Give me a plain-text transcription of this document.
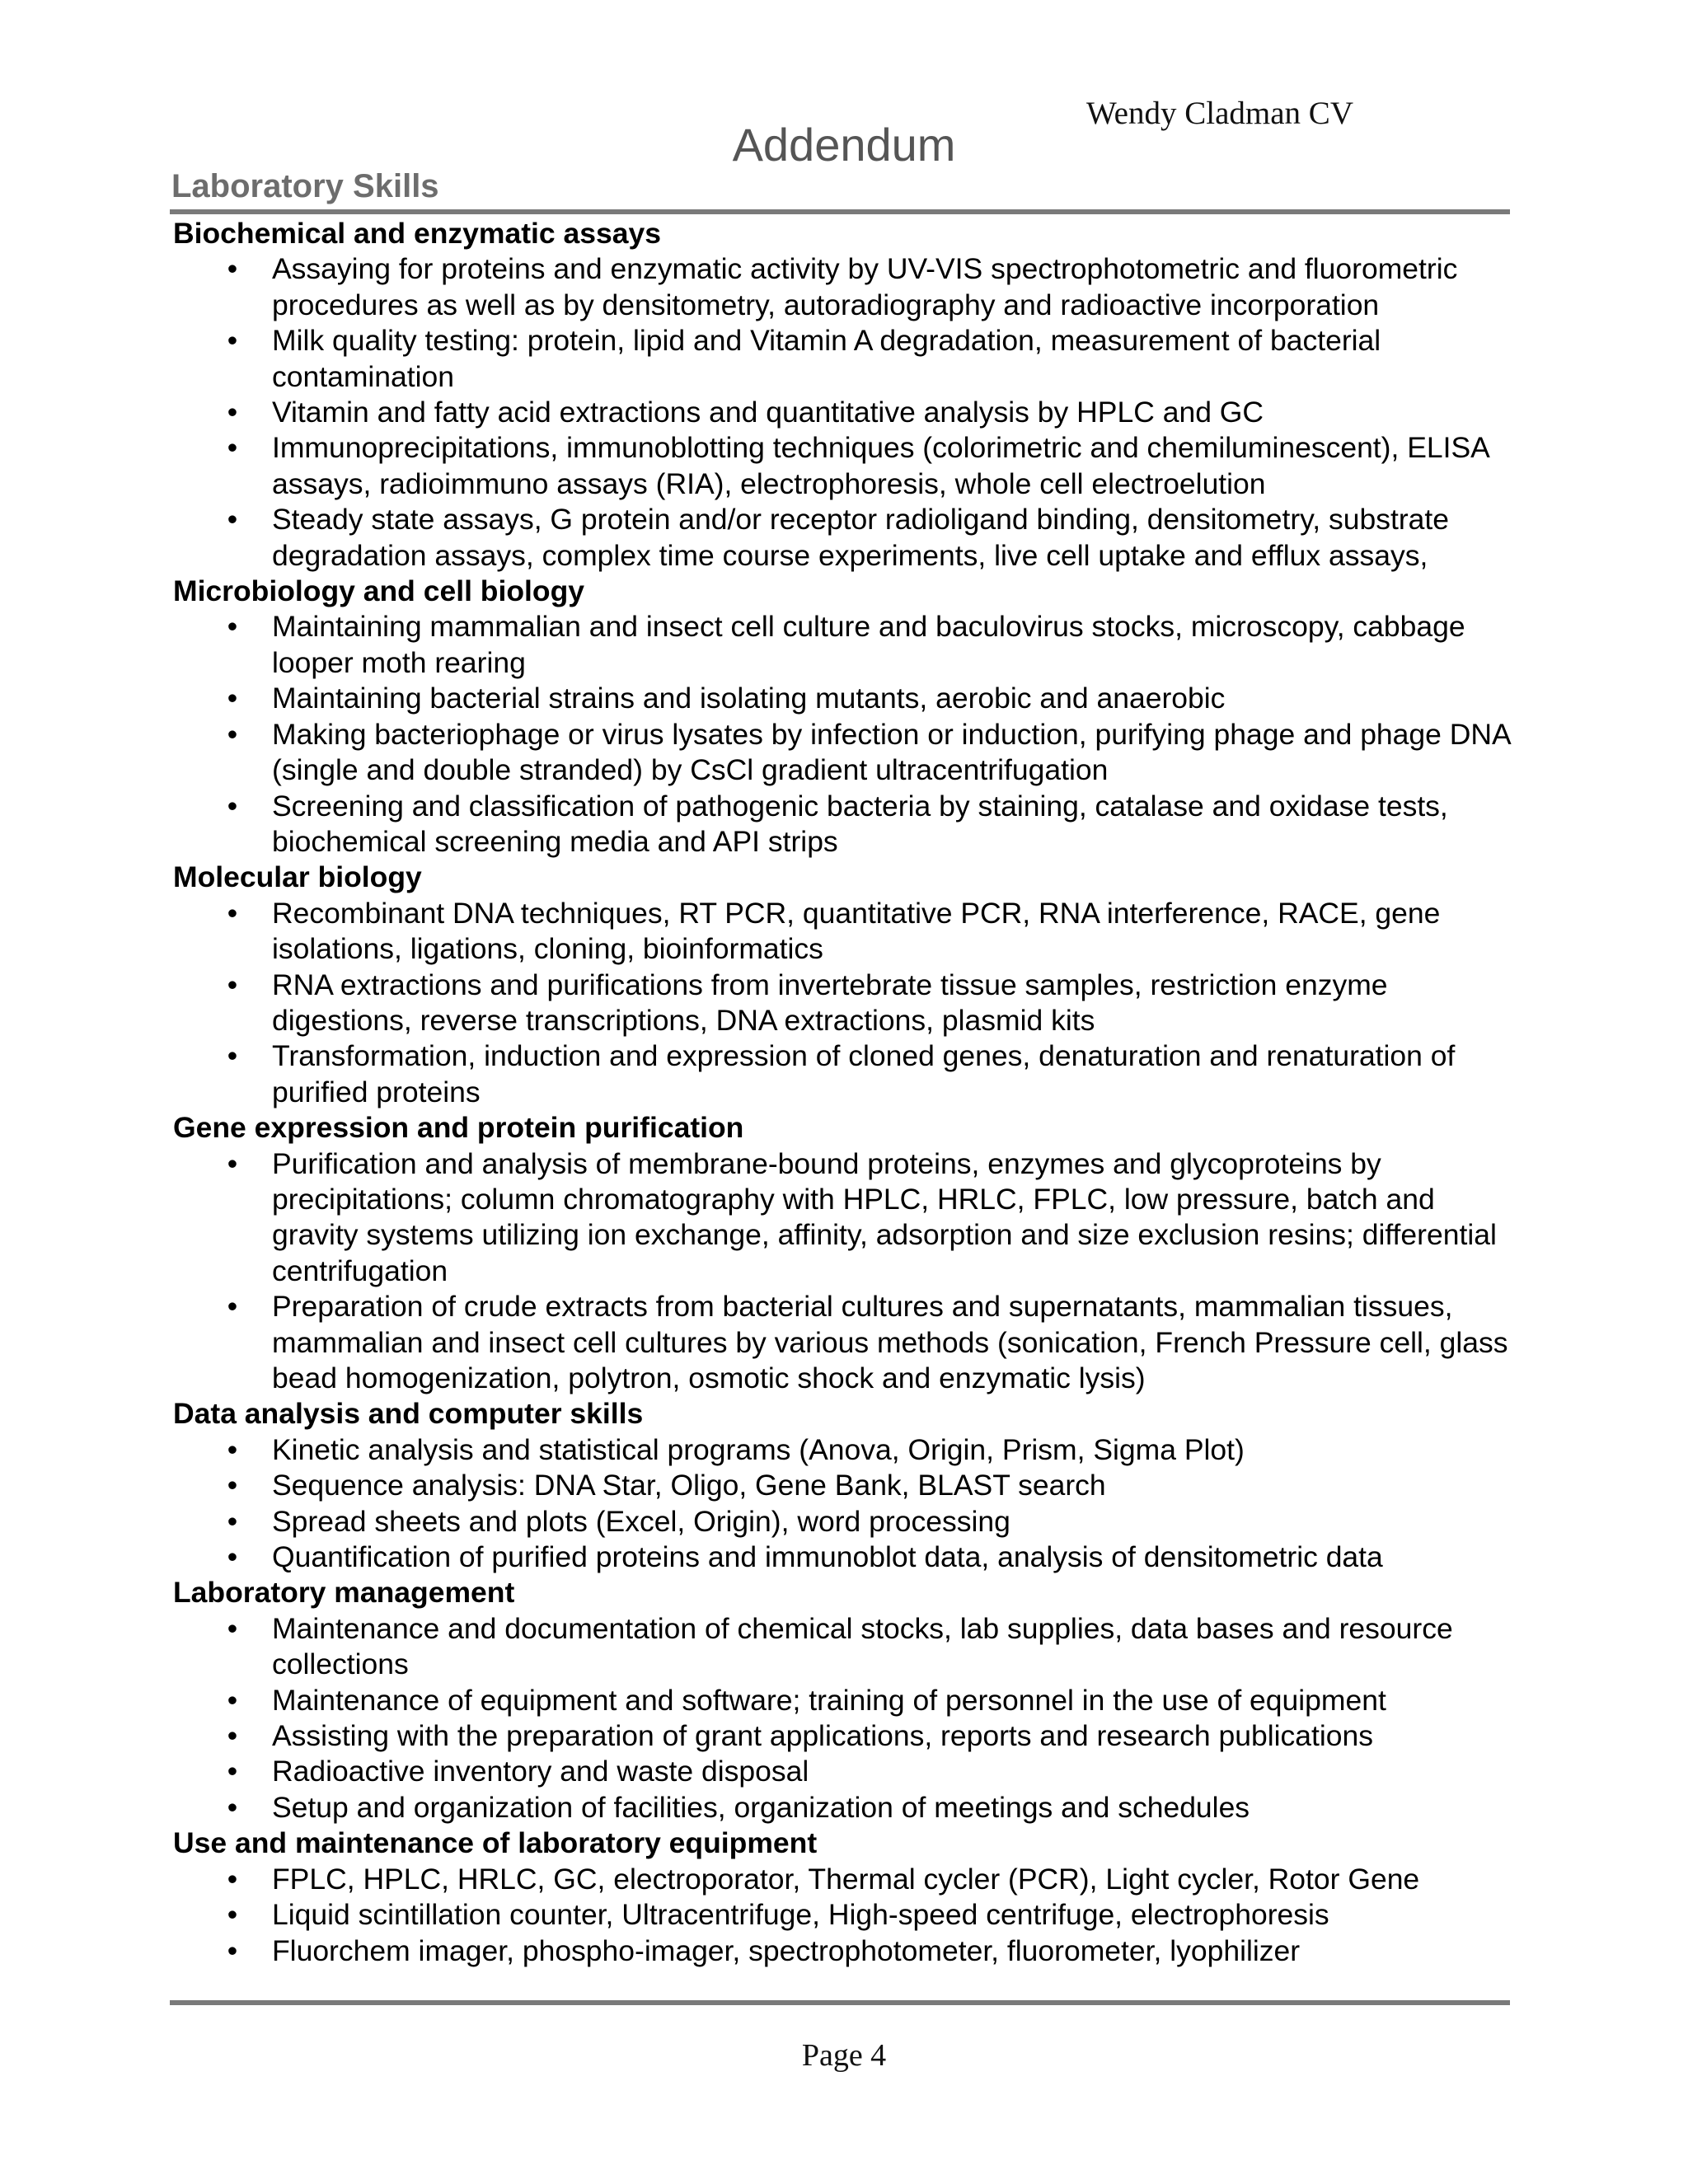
Wendy Cladman CV
Addendum
Laboratory Skills
Biochemical and enzymatic assays
• Assaying for proteins and enzymatic activity by UV-VIS spectrophotometric and fluorometric procedures as well as by densitometry, autoradiography and radioactive incorporation
• Milk quality testing: protein, lipid and Vitamin A degradation, measurement of bacterial contamination
• Vitamin and fatty acid extractions and quantitative analysis by HPLC and GC
• Immunoprecipitations, immunoblotting techniques (colorimetric and chemiluminescent), ELISA assays, radioimmuno assays (RIA), electrophoresis, whole cell electroelution
• Steady state assays, G protein and/or receptor radioligand binding, densitometry, substrate degradation assays, complex time course experiments, live cell uptake and efflux assays,
Microbiology and cell biology
• Maintaining mammalian and insect cell culture and baculovirus stocks, microscopy, cabbage looper moth rearing
• Maintaining bacterial strains and isolating mutants, aerobic and anaerobic
• Making bacteriophage or virus lysates by infection or induction, purifying phage and phage DNA (single and double stranded) by CsCl gradient ultracentrifugation
• Screening and classification of pathogenic bacteria by staining, catalase and oxidase tests, biochemical screening media and API strips
Molecular biology
• Recombinant DNA techniques, RT PCR, quantitative PCR, RNA interference, RACE, gene isolations, ligations, cloning, bioinformatics
• RNA extractions and purifications from invertebrate tissue samples, restriction enzyme digestions, reverse transcriptions, DNA extractions, plasmid kits
• Transformation, induction and expression of cloned genes, denaturation and renaturation of purified proteins
Gene expression and protein purification
• Purification and analysis of membrane-bound proteins, enzymes and glycoproteins by precipitations; column chromatography with HPLC, HRLC, FPLC, low pressure, batch and gravity systems utilizing ion exchange, affinity, adsorption and size exclusion resins; differential centrifugation
• Preparation of crude extracts from bacterial cultures and supernatants, mammalian tissues, mammalian and insect cell cultures by various methods (sonication, French Pressure cell, glass bead homogenization, polytron, osmotic shock and enzymatic lysis)
Data analysis and computer skills
• Kinetic analysis and statistical programs (Anova, Origin, Prism, Sigma Plot)
• Sequence analysis: DNA Star, Oligo, Gene Bank, BLAST search
• Spread sheets and plots (Excel, Origin), word processing
• Quantification of purified proteins and immunoblot data, analysis of densitometric data
Laboratory management
• Maintenance and documentation of chemical stocks, lab supplies, data bases and resource collections
• Maintenance of equipment and software; training of personnel in the use of equipment
• Assisting with the preparation of grant applications, reports and research publications
• Radioactive inventory and waste disposal
• Setup and organization of facilities, organization of meetings and schedules
Use and maintenance of laboratory equipment
• FPLC, HPLC, HRLC, GC, electroporator, Thermal cycler (PCR), Light cycler, Rotor Gene
• Liquid scintillation counter, Ultracentrifuge, High-speed centrifuge, electrophoresis
• Fluorchem imager, phospho-imager, spectrophotometer, fluorometer, lyophilizer
Page 4
